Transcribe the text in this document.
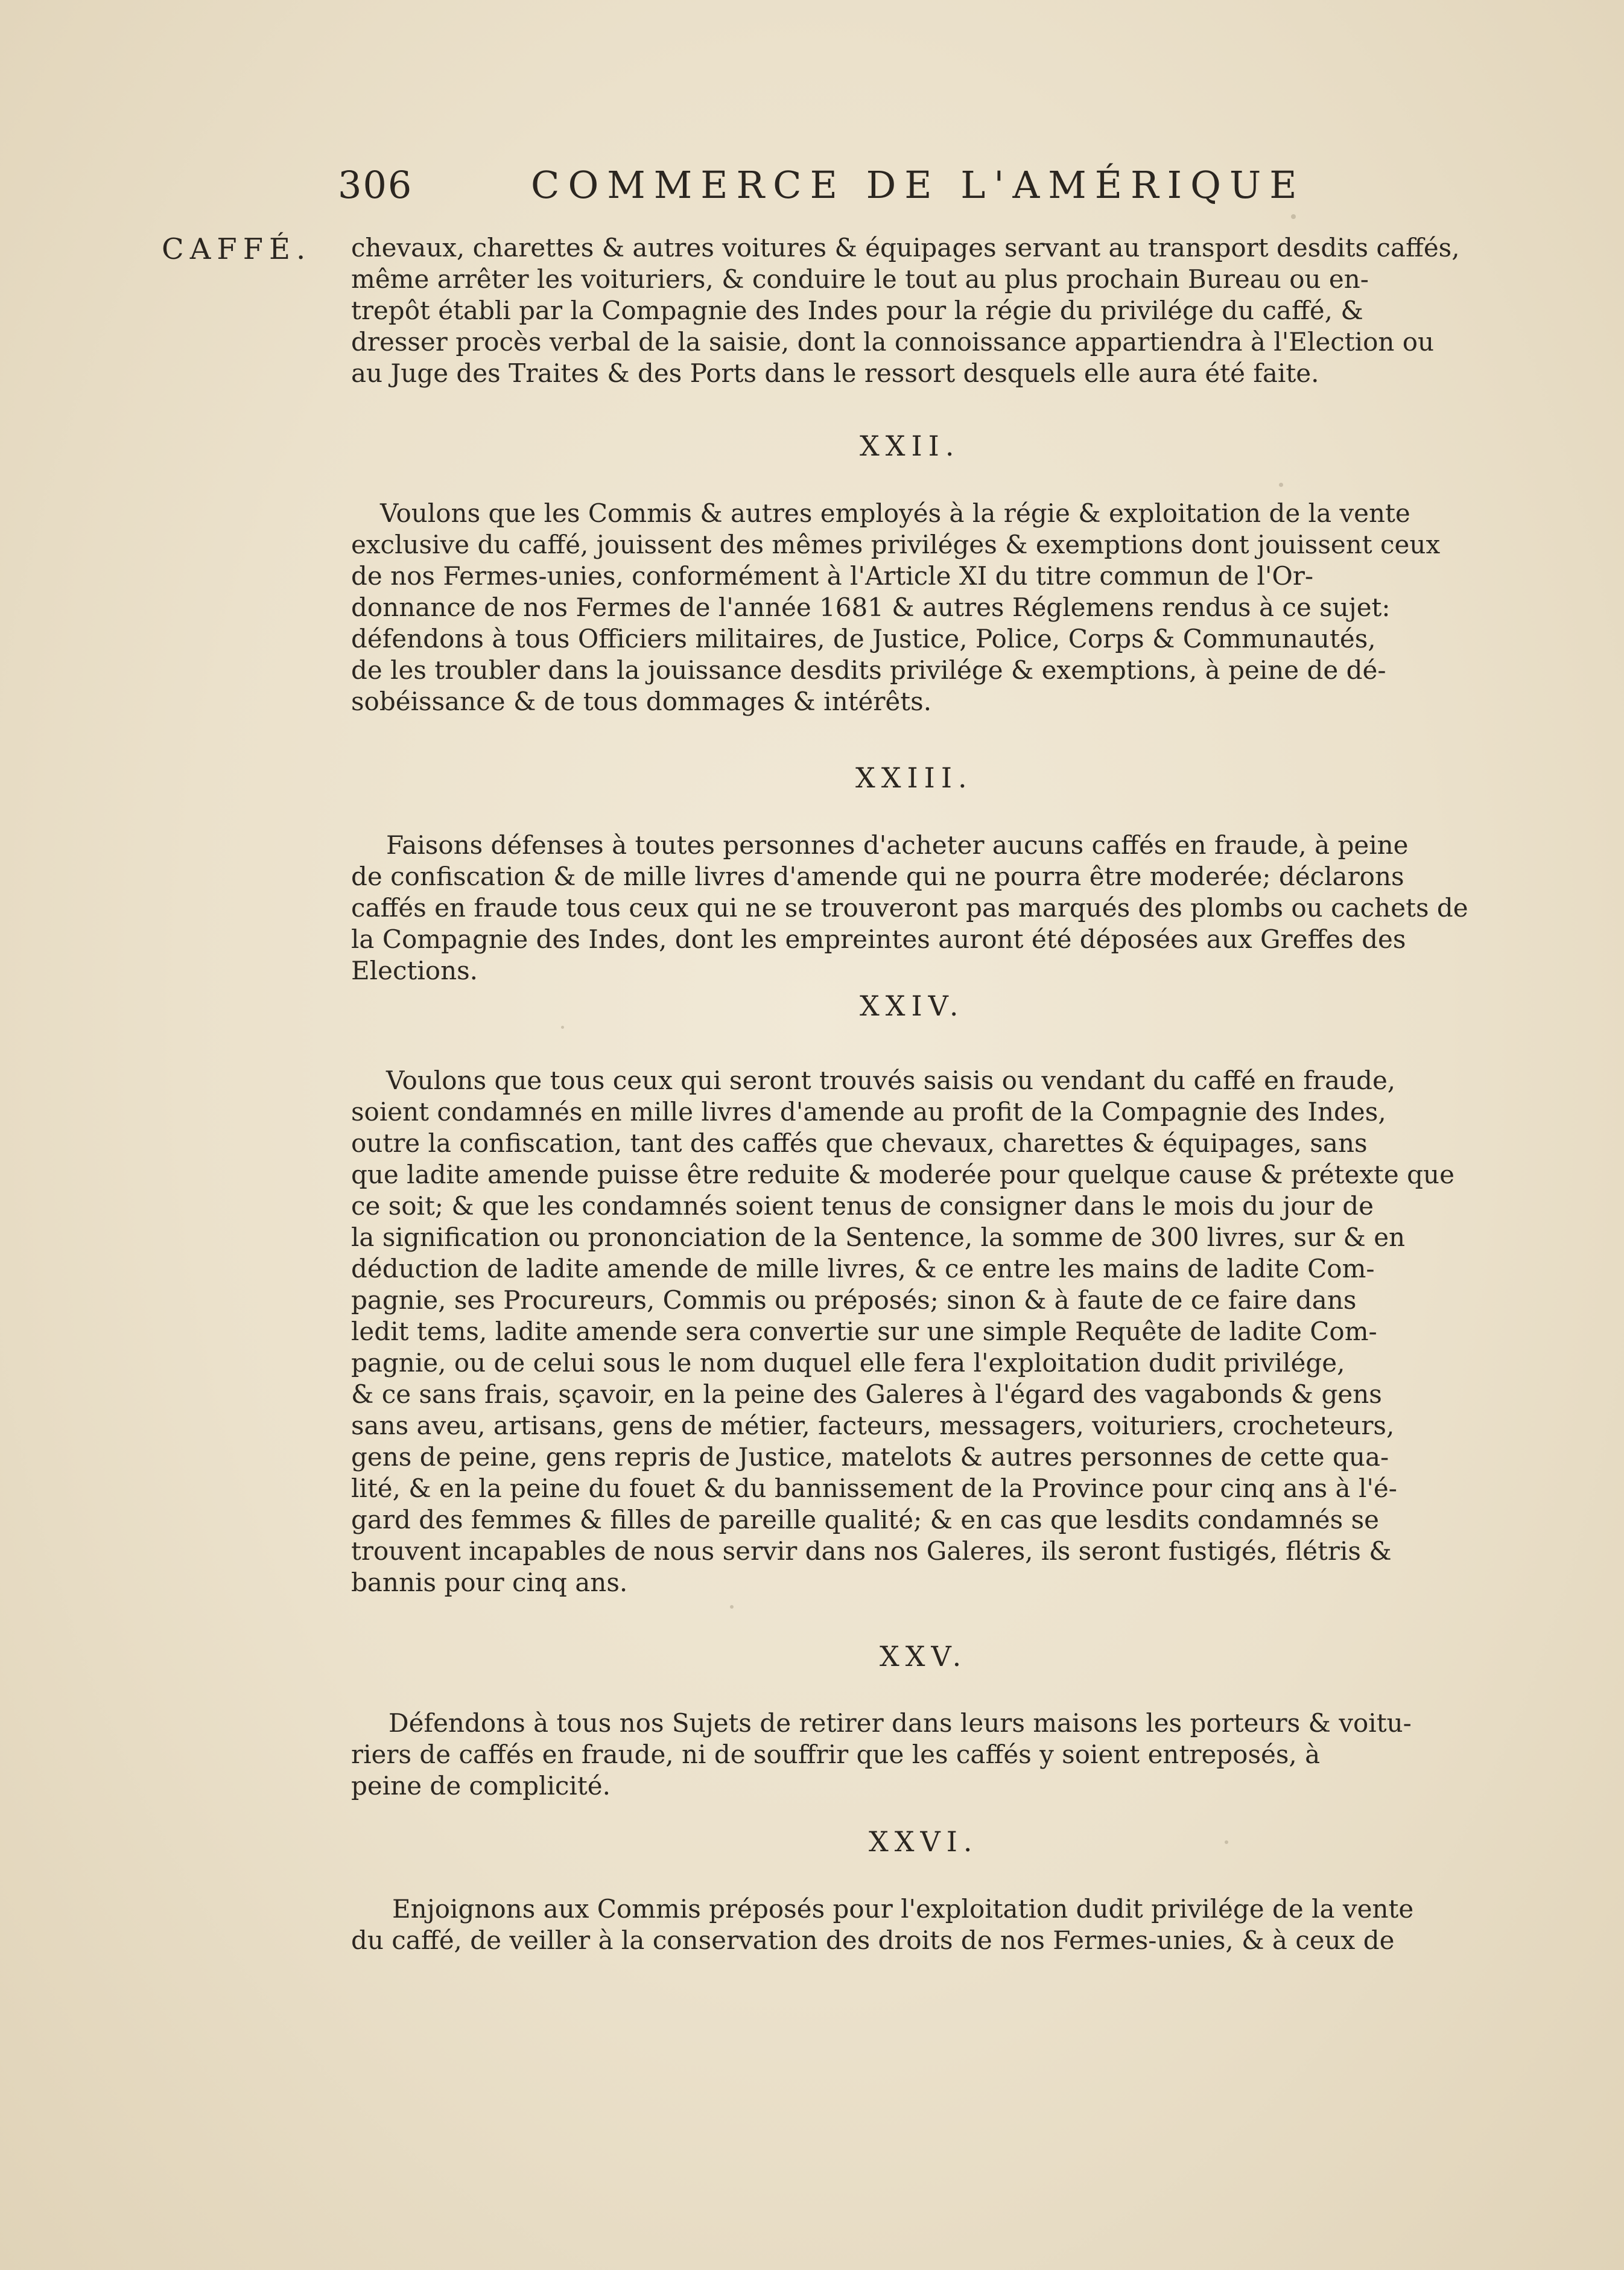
306	COMMERCE DE L'AMÉRIQUE
CAFFÉ. chevaux, charettes & autres voitures & équipages servant au transport desdits caffés,
même arrêter les voituriers, & conduire le tout au plus prochain Bureau ou en-
trepôt établi par la Compagnie des Indes pour la régie du privilége du caffé, &
dresser procès verbal de la saisie, dont la connoissance appartiendra à l'Election ou
au Juge des Traites & des Ports dans le ressort desquels elle aura été faite.
XXII.
Voulons que les Commis & autres employés à la régie & exploitation de la vente
exclusive du caffé, jouissent des mêmes priviléges & exemptions dont jouissent ceux
de nos Fermes-unies, conformément à l'Article XI du titre commun de l'Or-
donnance de nos Fermes de l'année 1681 & autres Réglemens rendus à ce sujet:
défendons à tous Officiers militaires, de Justice, Police, Corps & Communautés,
de les troubler dans la jouissance desdits privilége & exemptions, à peine de dé-
sobéissance & de tous dommages & intérêts.
XXIII.
Faisons défenses à toutes personnes d'acheter aucuns caffés en fraude, à peine
de confiscation & de mille livres d'amende qui ne pourra être moderée; déclarons
caffés en fraude tous ceux qui ne se trouveront pas marqués des plombs ou cachets de
la Compagnie des Indes, dont les empreintes auront été déposées aux Greffes des
Elections.
XXIV.
Voulons que tous ceux qui seront trouvés saisis ou vendant du caffé en fraude,
soient condamnés en mille livres d'amende au profit de la Compagnie des Indes,
outre la confiscation, tant des caffés que chevaux, charettes & équipages, sans
que ladite amende puisse être reduite & moderée pour quelque cause & prétexte que
ce soit; & que les condamnés soient tenus de consigner dans le mois du jour de
la signification ou prononciation de la Sentence, la somme de 300 livres, sur & en
déduction de ladite amende de mille livres, & ce entre les mains de ladite Com-
pagnie, ses Procureurs, Commis ou préposés; sinon & à faute de ce faire dans
ledit tems, ladite amende sera convertie sur une simple Requête de ladite Com-
pagnie, ou de celui sous le nom duquel elle fera l'exploitation dudit privilége,
& ce sans frais, sçavoir, en la peine des Galeres à l'égard des vagabonds & gens
sans aveu, artisans, gens de métier, facteurs, messagers, voituriers, crocheteurs,
gens de peine, gens repris de Justice, matelots & autres personnes de cette qua-
lité, & en la peine du fouet & du bannissement de la Province pour cinq ans à l'é-
gard des femmes & filles de pareille qualité; & en cas que lesdits condamnés se
trouvent incapables de nous servir dans nos Galeres, ils seront fustigés, flétris &
bannis pour cinq ans.
XXV.
Défendons à tous nos Sujets de retirer dans leurs maisons les porteurs & voitu-
riers de caffés en fraude, ni de souffrir que les caffés y soient entreposés, à
peine de complicité.
XXVI.
Enjoignons aux Commis préposés pour l'exploitation dudit privilége de la vente
du caffé, de veiller à la conservation des droits de nos Fermes-unies, & à ceux de
